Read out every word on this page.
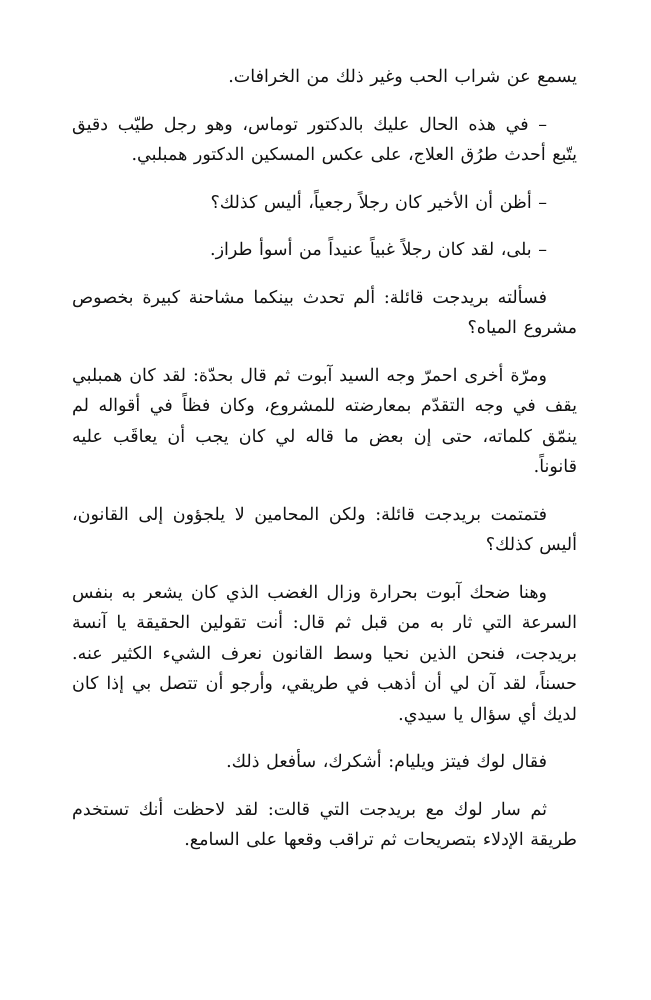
يسمع عن شراب الحب وغير ذلك من الخرافات.

– في هذه الحال عليك بالدكتور توماس، وهو رجل طيّب دقيق يتّبع أحدث طرُق العلاج، على عكس المسكين الدكتور همبلبي.

– أظن أن الأخير كان رجلاً رجعياً، أليس كذلك؟

– بلى، لقد كان رجلاً غبياً عنيداً من أسوأ طراز.

فسألته بريدجت قائلة: ألم تحدث بينكما مشاحنة كبيرة بخصوص مشروع المياه؟

ومرّة أخرى احمرّ وجه السيد آبوت ثم قال بحدّة: لقد كان همبلبي يقف في وجه التقدّم بمعارضته للمشروع، وكان فظاً في أقواله لم ينمّق كلماته، حتى إن بعض ما قاله لي كان يجب أن يعاقَب عليه قانوناً.

فتمتمت بريدجت قائلة: ولكن المحامين لا يلجؤون إلى القانون، أليس كذلك؟

وهنا ضحك آبوت بحرارة وزال الغضب الذي كان يشعر به بنفس السرعة التي ثار به من قبل ثم قال: أنت تقولين الحقيقة يا آنسة بريدجت، فنحن الذين نحيا وسط القانون نعرف الشيء الكثير عنه. حسناً، لقد آن لي أن أذهب في طريقي، وأرجو أن تتصل بي إذا كان لديك أي سؤال يا سيدي.

فقال لوك فيتز ويليام: أشكرك، سأفعل ذلك.

ثم سار لوك مع بريدجت التي قالت: لقد لاحظت أنك تستخدم طريقة الإدلاء بتصريحات ثم تراقب وقعها على السامع.
